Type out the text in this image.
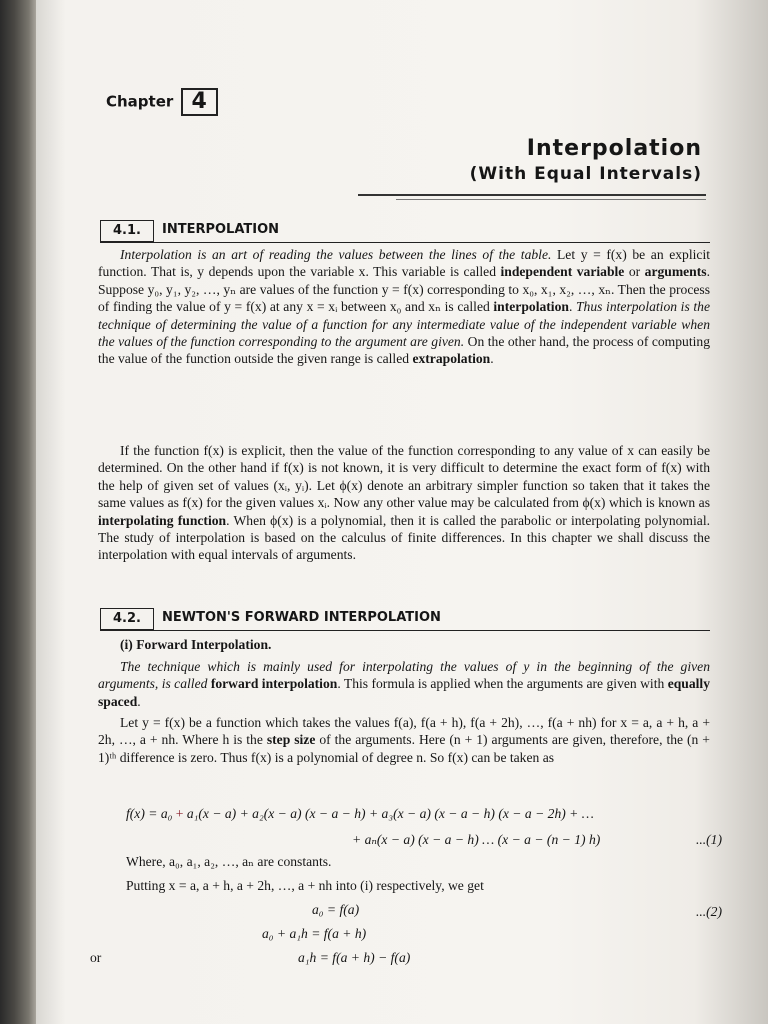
Chapter 4
Interpolation
(With Equal Intervals)
4.1.	INTERPOLATION

Interpolation is an art of reading the values between the lines of the table. Let y = f(x) be an explicit function. That is, y depends upon the variable x. This variable is called independent variable or arguments. Suppose y₀, y₁, y₂, …, yₙ are values of the function y = f(x) corresponding to x₀, x₁, x₂, …, xₙ. Then the process of finding the value of y = f(x) at any x = xᵢ between x₀ and xₙ is called interpolation. Thus interpolation is the technique of determining the value of a function for any intermediate value of the independent variable when the values of the function corresponding to the argument are given. On the other hand, the process of computing the value of the function outside the given range is called extrapolation.

If the function f(x) is explicit, then the value of the function corresponding to any value of x can easily be determined. On the other hand if f(x) is not known, it is very difficult to determine the exact form of f(x) with the help of given set of values (xᵢ, yᵢ). Let ϕ(x) denote an arbitrary simpler function so taken that it takes the same values as f(x) for the given values xᵢ. Now any other value may be calculated from ϕ(x) which is known as interpolating function. When ϕ(x) is a polynomial, then it is called the parabolic or interpolating polynomial. The study of interpolation is based on the calculus of finite differences. In this chapter we shall discuss the interpolation with equal intervals of arguments.

4.2.	NEWTON'S FORWARD INTERPOLATION

(i) Forward Interpolation.

The technique which is mainly used for interpolating the values of y in the beginning of the given arguments, is called forward interpolation. This formula is applied when the arguments are given with equally spaced.

Let y = f(x) be a function which takes the values f(a), f(a + h), f(a + 2h), …, f(a + nh) for x = a, a + h, a + 2h, …, a + nh. Where h is the step size of the arguments. Here (n + 1) arguments are given, therefore, the (n + 1)ᵗʰ difference is zero. Thus f(x) is a polynomial of degree n. So f(x) can be taken as

f(x) = a₀ + a₁(x − a) + a₂(x − a) (x − a − h) + a₃(x − a) (x − a − h) (x − a − 2h) + …
+ aₙ(x − a) (x − a − h) … (x − a − (n − 1) h)	...(1)
Where, a₀, a₁, a₂, …, aₙ are constants.
Putting x = a, a + h, a + 2h, …, a + nh into (i) respectively, we get
a₀ = f(a)	...(2)
a₀ + a₁h = f(a + h)
or	a₁h = f(a + h) − f(a)
